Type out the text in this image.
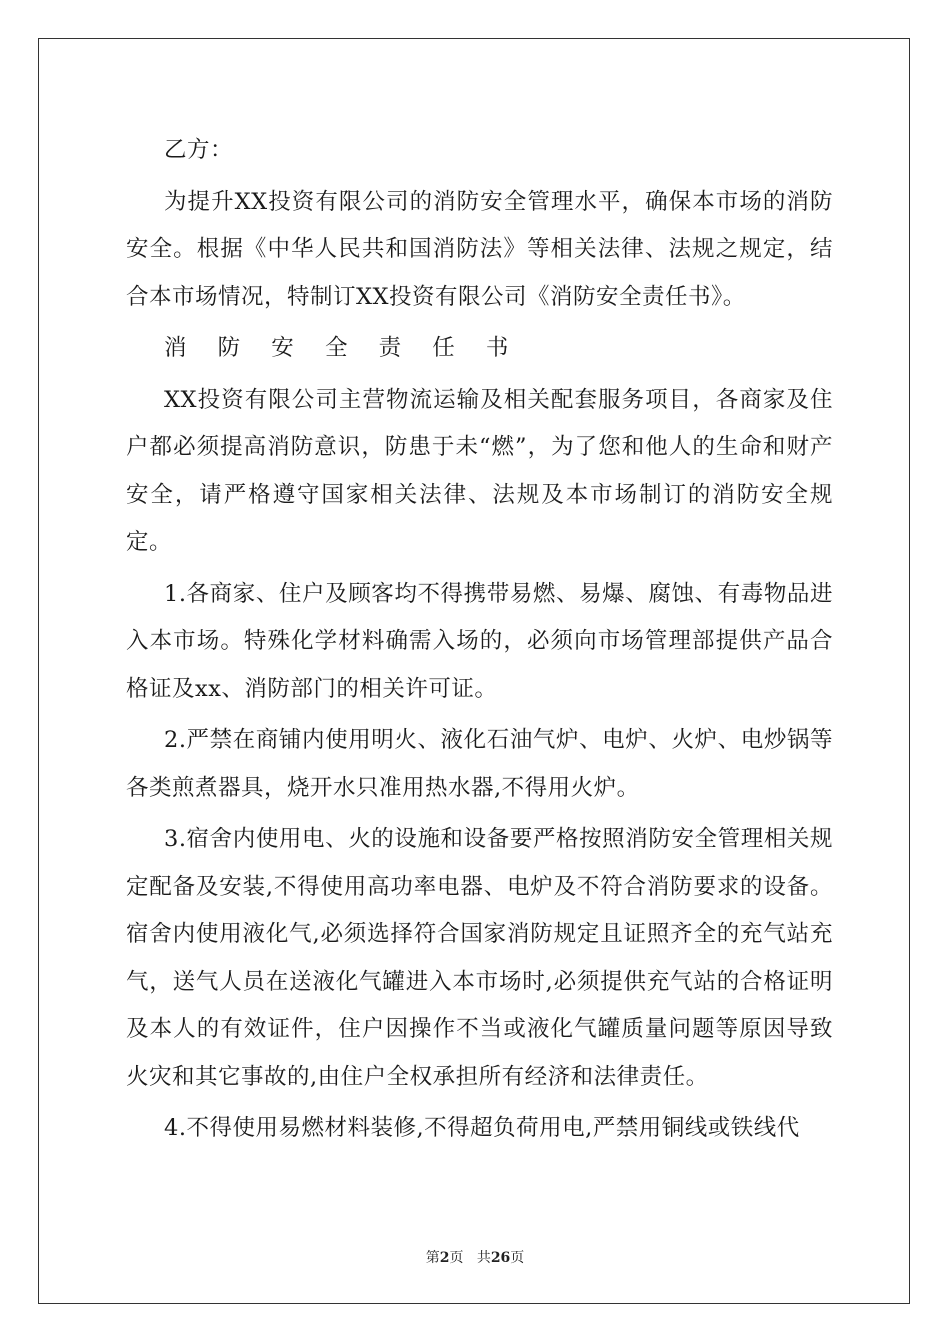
乙方：

为提升XX投资有限公司的消防安全管理水平，确保本市场的消防安全。根据《中华人民共和国消防法》等相关法律、法规之规定，结合本市场情况，特制订XX投资有限公司《消防安全责任书》。

消 防 安 全 责 任 书

XX投资有限公司主营物流运输及相关配套服务项目，各商家及住户都必须提高消防意识，防患于未“燃”，为了您和他人的生命和财产安全，请严格遵守国家相关法律、法规及本市场制订的消防安全规定。

1.各商家、住户及顾客均不得携带易燃、易爆、腐蚀、有毒物品进入本市场。特殊化学材料确需入场的，必须向市场管理部提供产品合格证及xx、消防部门的相关许可证。

2.严禁在商铺内使用明火、液化石油气炉、电炉、火炉、电炒锅等各类煎煮器具，烧开水只准用热水器,不得用火炉。

3.宿舍内使用电、火的设施和设备要严格按照消防安全管理相关规定配备及安装,不得使用高功率电器、电炉及不符合消防要求的设备。宿舍内使用液化气,必须选择符合国家消防规定且证照齐全的充气站充气，送气人员在送液化气罐进入本市场时,必须提供充气站的合格证明及本人的有效证件，住户因操作不当或液化气罐质量问题等原因导致火灾和其它事故的,由住户全权承担所有经济和法律责任。

4.不得使用易燃材料装修,不得超负荷用电,严禁用铜线或铁线代

第2页 共26页
